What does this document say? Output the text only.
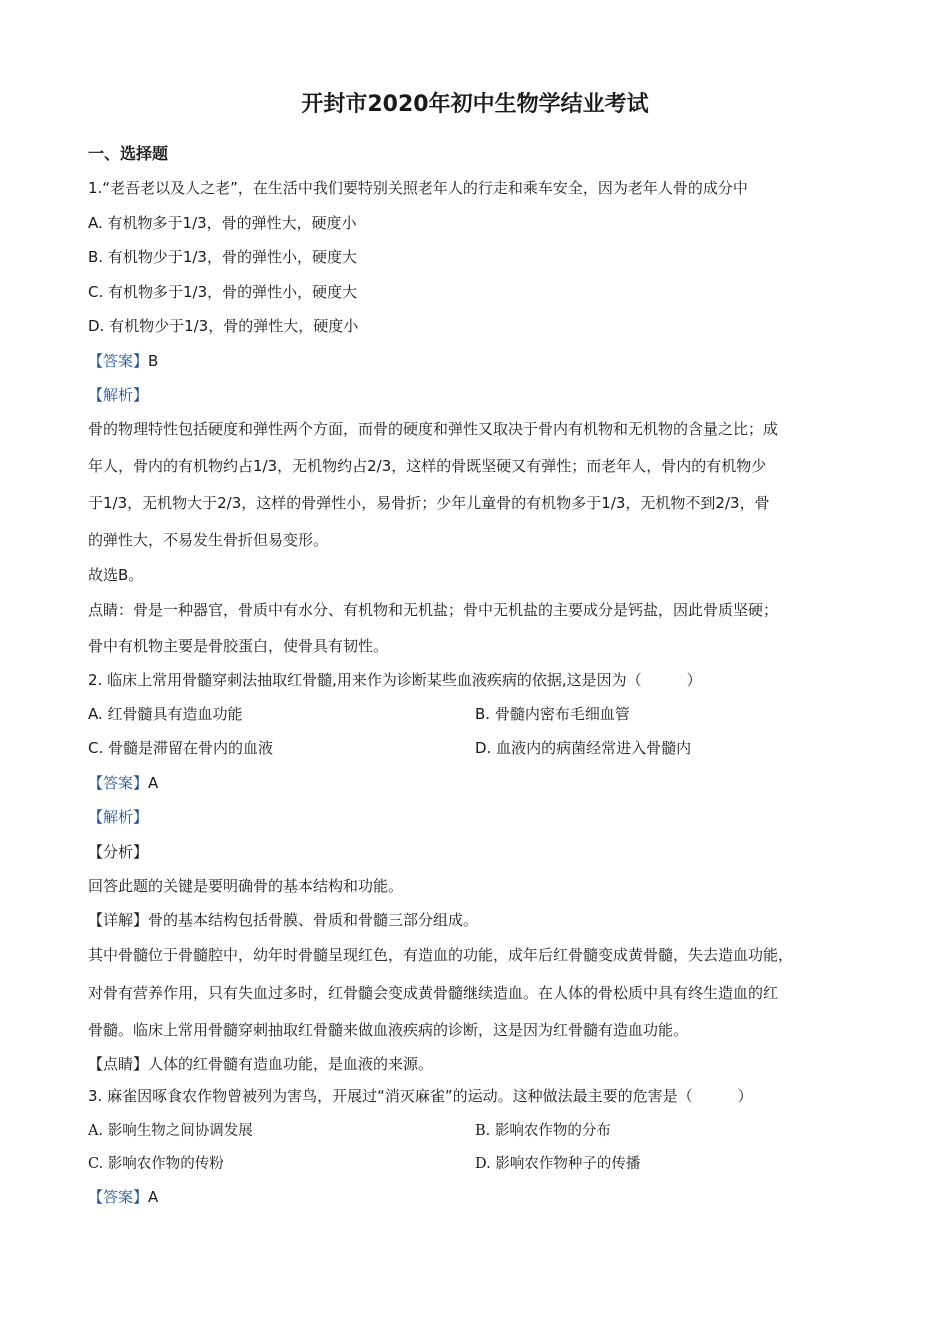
开封市2020年初中生物学结业考试
一、选择题
1.“老吾老以及人之老”，在生活中我们要特别关照老年人的行走和乘车安全，因为老年人骨的成分中
A. 有机物多于1/3，骨的弹性大，硬度小
B. 有机物少于1/3，骨的弹性小，硬度大
C. 有机物多于1/3，骨的弹性小，硬度大
D. 有机物少于1/3，骨的弹性大，硬度小
【答案】B
【解析】
骨的物理特性包括硬度和弹性两个方面，而骨的硬度和弹性又取决于骨内有机物和无机物的含量之比；成
年人，骨内的有机物约占1/3，无机物约占2/3，这样的骨既坚硬又有弹性；而老年人，骨内的有机物少
于1/3，无机物大于2/3，这样的骨弹性小，易骨折；少年儿童骨的有机物多于1/3，无机物不到2/3，骨
的弹性大，不易发生骨折但易变形。
故选B。
点睛：骨是一种器官，骨质中有水分、有机物和无机盐；骨中无机盐的主要成分是钙盐，因此骨质坚硬；
骨中有机物主要是骨胶蛋白，使骨具有韧性。
2. 临床上常用骨髓穿刺法抽取红骨髓,用来作为诊断某些血液疾病的依据,这是因为（　　　）
A. 红骨髓具有造血功能	B. 骨髓内密布毛细血管
C. 骨髓是滞留在骨内的血液	D. 血液内的病菌经常进入骨髓内
【答案】A
【解析】
【分析】
回答此题的关键是要明确骨的基本结构和功能。
【详解】骨的基本结构包括骨膜、骨质和骨髓三部分组成。
其中骨髓位于骨髓腔中，幼年时骨髓呈现红色，有造血的功能，成年后红骨髓变成黄骨髓，失去造血功能，
对骨有营养作用，只有失血过多时，红骨髓会变成黄骨髓继续造血。在人体的骨松质中具有终生造血的红
骨髓。临床上常用骨髓穿刺抽取红骨髓来做血液疾病的诊断，这是因为红骨髓有造血功能。
【点睛】人体的红骨髓有造血功能，是血液的来源。
3. 麻雀因啄食农作物曾被列为害鸟，开展过“消灭麻雀”的运动。这种做法最主要的危害是（　　　）
A. 影响生物之间协调发展	B. 影响农作物的分布
C. 影响农作物的传粉	D. 影响农作物种子的传播
【答案】A
